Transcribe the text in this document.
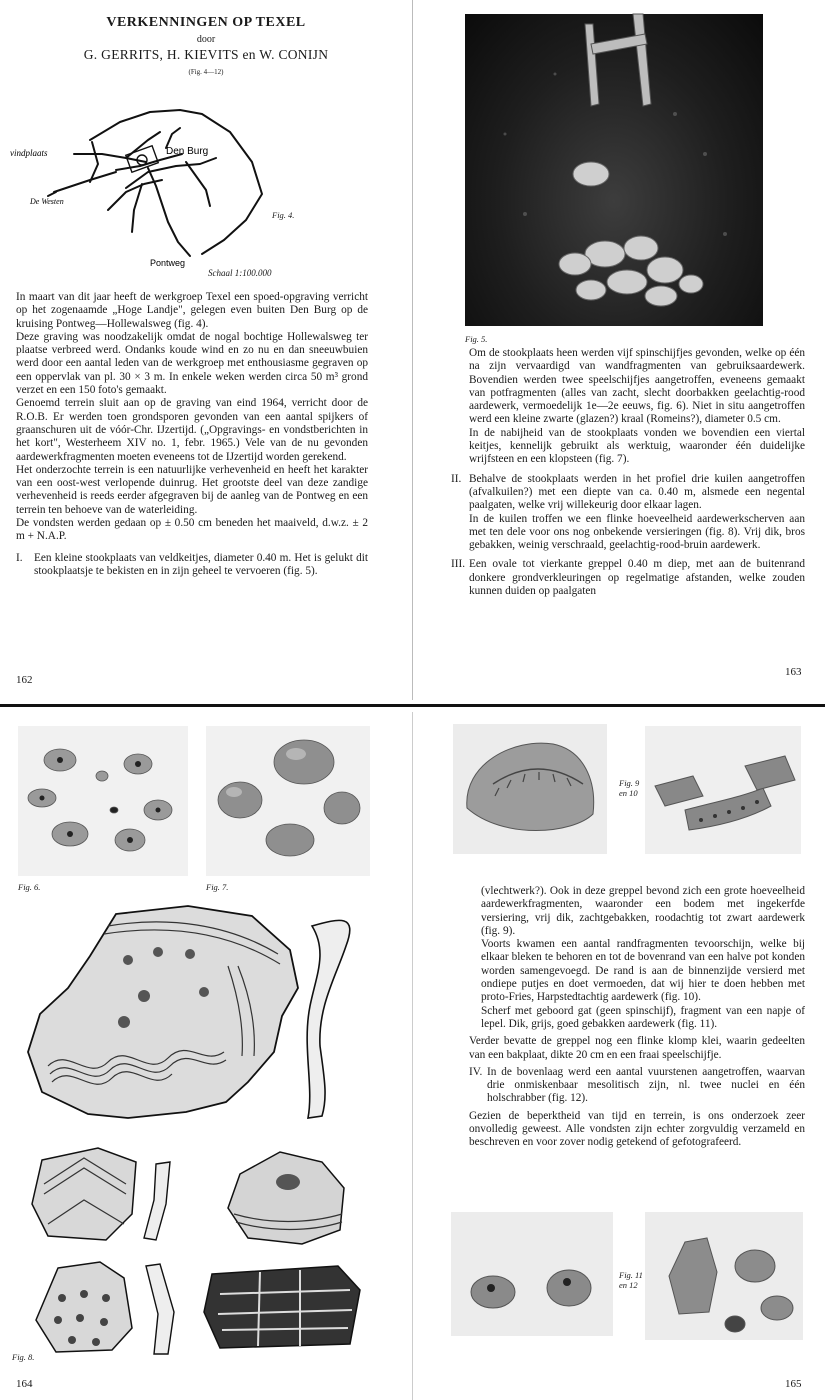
VERKENNINGEN OP TEXEL
door
G. GERRITS, H. KIEVITS en W. CONIJN
(Fig. 4—12)
vindplaats	Den Burg
De Westen
Pontweg
Fig. 4.
Schaal 1:100.000

In maart van dit jaar heeft de werkgroep Texel een spoed-opgraving verricht op het zogenaamde „Hoge Landje", gelegen even buiten Den Burg op de kruising Pontweg—Hollewalsweg (fig. 4).

Deze graving was noodzakelijk omdat de nogal bochtige Hollewalsweg ter plaatse verbreed werd. Ondanks koude wind en zo nu en dan sneeuwbuien werd door een aantal leden van de werkgroep met enthousiasme gegraven op een oppervlak van pl. 30 × 3 m. In enkele weken werden circa 50 m³ grond verzet en een 150 foto's gemaakt.

Genoemd terrein sluit aan op de graving van eind 1964, verricht door de R.O.B. Er werden toen grondsporen gevonden van een aantal spijkers of graanschuren uit de vóór-Chr. IJzertijd. („Opgravings- en vondstberichten in het kort", Westerheem XIV no. 1, febr. 1965.) Vele van de nu gevonden aardewerkfragmenten moeten eveneens tot de IJzertijd worden gerekend.

Het onderzochte terrein is een natuurlijke verhevenheid en heeft het karakter van een oost-west verlopende duinrug. Het grootste deel van deze zandige verhevenheid is reeds eerder afgegraven bij de aanleg van de Pontweg en een terrein ten behoeve van de waterleiding.

De vondsten werden gedaan op ± 0.50 cm beneden het maaiveld, d.w.z. ± 2 m + N.A.P.

I. Een kleine stookplaats van veldkeitjes, diameter 0.40 m. Het is gelukt dit stookplaatsje te bekisten en in zijn geheel te vervoeren (fig. 5).

162
Fig. 5.

Om de stookplaats heen werden vijf spinschijfjes gevonden, welke op één na zijn vervaardigd van wandfragmenten van gebruiksaardewerk. Bovendien werden twee speelschijfjes aangetroffen, eveneens gemaakt van potfragmenten (alles van zacht, slecht doorbakken geelachtig-rood aardewerk, vermoedelijk 1e—2e eeuws, fig. 6). Niet in situ aangetroffen werd een kleine zwarte (glazen?) kraal (Romeins?), diameter 0.5 cm.

In de nabijheid van de stookplaats vonden we bovendien een viertal keitjes, kennelijk gebruikt als werktuig, waaronder één duidelijke wrijfsteen en een klopsteen (fig. 7).

II. Behalve de stookplaats werden in het profiel drie kuilen aangetroffen (afvalkuilen?) met een diepte van ca. 0.40 m, alsmede een negental paalgaten, welke vrij willekeurig door elkaar lagen.

In de kuilen troffen we een flinke hoeveelheid aardewerkscherven aan met ten dele voor ons nog onbekende versieringen (fig. 8). Vrij dik, bros gebakken, weinig verschraald, geelachtig-rood-bruin aardewerk.

III. Een ovale tot vierkante greppel 0.40 m diep, met aan de buitenrand donkere grondverkleuringen op regelmatige afstanden, welke zouden kunnen duiden op paalgaten

163
Fig. 6.	Fig. 7.
Fig. 8.
164
Fig. 9 en 10

(vlechtwerk?). Ook in deze greppel bevond zich een grote hoeveelheid aardewerkfragmenten, waaronder een bodem met ingekerfde versiering, vrij dik, zachtgebakken, roodachtig tot zwart aardewerk (fig. 9).

Voorts kwamen een aantal randfragmenten tevoorschijn, welke bij elkaar bleken te behoren en tot de bovenrand van een halve pot konden worden samengevoegd. De rand is aan de binnenzijde versierd met ondiepe putjes en doet vermoeden, dat wij hier te doen hebben met proto-Fries, Harpstedtachtig aardewerk (fig. 10).

Scherf met geboord gat (geen spinschijf), fragment van een napje of lepel. Dik, grijs, goed gebakken aardewerk (fig. 11).

Verder bevatte de greppel nog een flinke klomp klei, waarin gedeelten van een bakplaat, dikte 20 cm en een fraai speelschijfje.

IV. In de bovenlaag werd een aantal vuurstenen aangetroffen, waarvan drie onmiskenbaar mesolitisch zijn, nl. twee nuclei en één holschrabber (fig. 12).

Gezien de beperktheid van tijd en terrein, is ons onderzoek zeer onvolledig geweest. Alle vondsten zijn echter zorgvuldig verzameld en beschreven en voor zover nodig getekend of gefotografeerd.

Fig. 11 en 12
165
